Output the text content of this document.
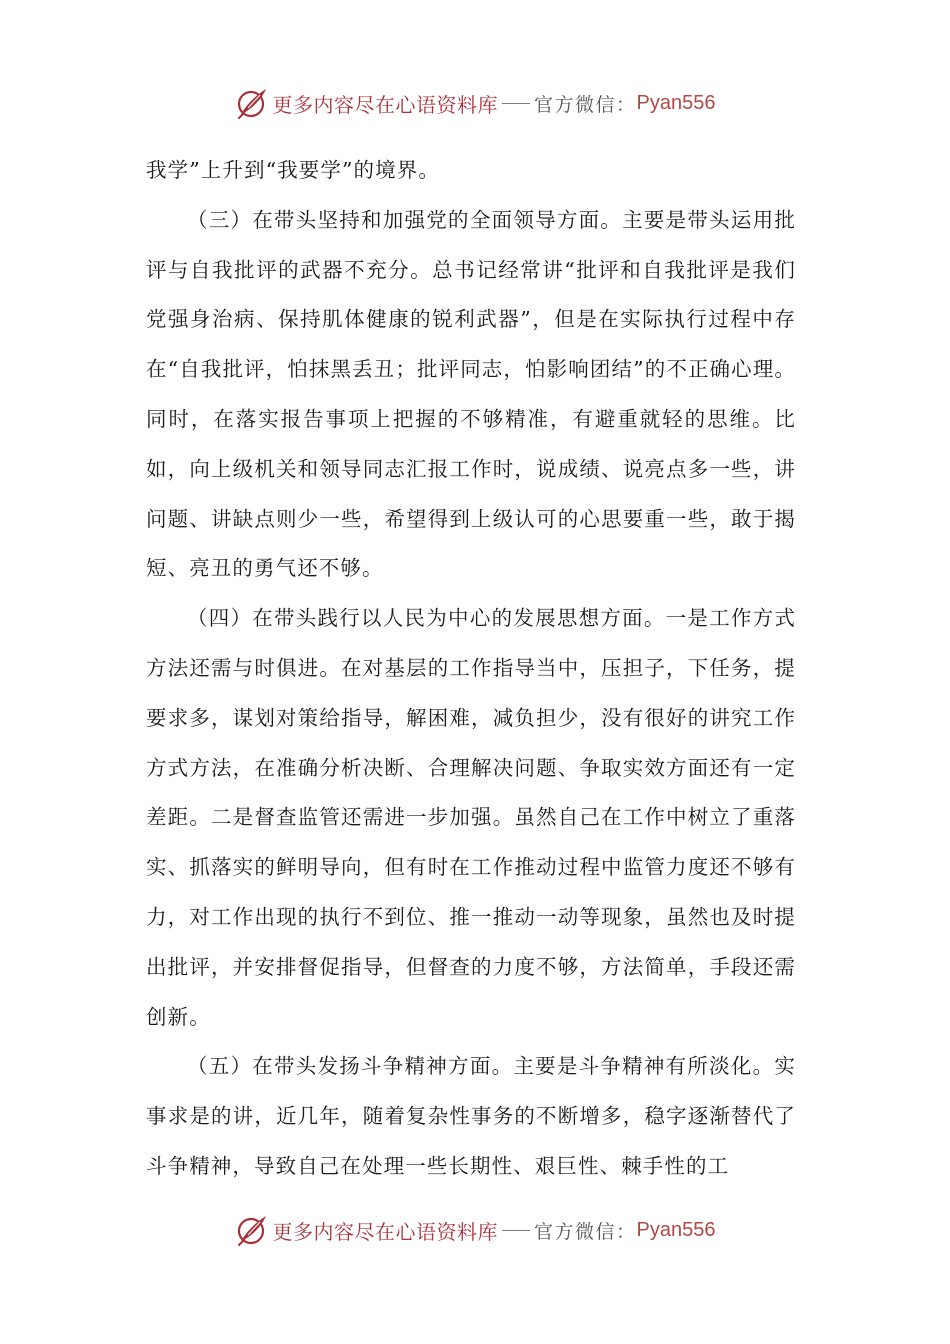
更多内容尽在心语资料库 官方微信： Pyan556

我学”上升到“我要学”的境界。

（三）在带头坚持和加强党的全面领导方面。主要是带头运用批评与自我批评的武器不充分。总书记经常讲“批评和自我批评是我们党强身治病、保持肌体健康的锐利武器”，但是在实际执行过程中存在“自我批评，怕抹黑丢丑；批评同志，怕影响团结”的不正确心理。同时，在落实报告事项上把握的不够精准，有避重就轻的思维。比如，向上级机关和领导同志汇报工作时，说成绩、说亮点多一些，讲问题、讲缺点则少一些，希望得到上级认可的心思要重一些，敢于揭短、亮丑的勇气还不够。

（四）在带头践行以人民为中心的发展思想方面。一是工作方式方法还需与时俱进。在对基层的工作指导当中，压担子，下任务，提要求多，谋划对策给指导，解困难，减负担少，没有很好的讲究工作方式方法，在准确分析决断、合理解决问题、争取实效方面还有一定差距。二是督查监管还需进一步加强。虽然自己在工作中树立了重落实、抓落实的鲜明导向，但有时在工作推动过程中监管力度还不够有力，对工作出现的执行不到位、推一推动一动等现象，虽然也及时提出批评，并安排督促指导，但督查的力度不够，方法简单，手段还需创新。

（五）在带头发扬斗争精神方面。主要是斗争精神有所淡化。实事求是的讲，近几年，随着复杂性事务的不断增多，稳字逐渐替代了斗争精神，导致自己在处理一些长期性、艰巨性、棘手性的工

更多内容尽在心语资料库 官方微信： Pyan556
